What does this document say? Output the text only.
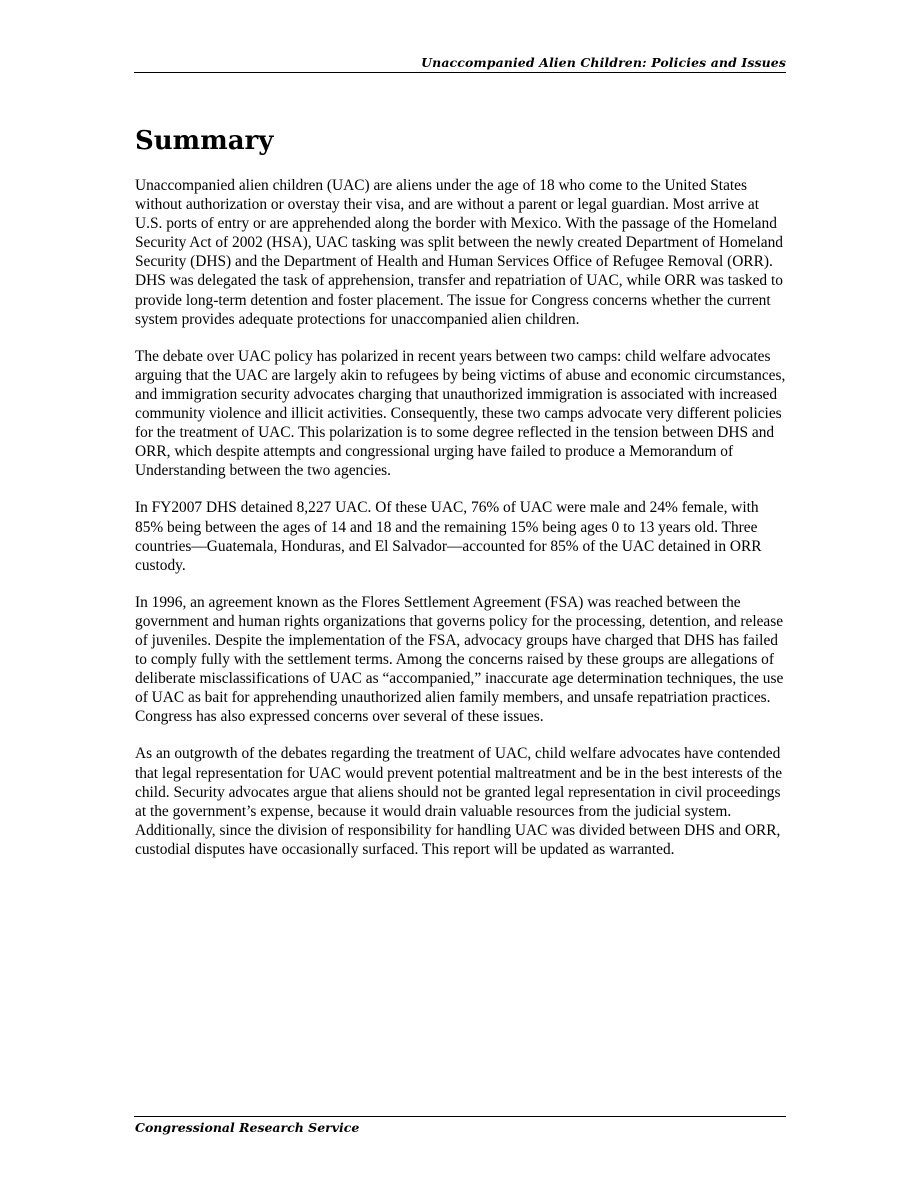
Unaccompanied Alien Children: Policies and Issues
Summary

Unaccompanied alien children (UAC) are aliens under the age of 18 who come to the United States without authorization or overstay their visa, and are without a parent or legal guardian. Most arrive at U.S. ports of entry or are apprehended along the border with Mexico. With the passage of the Homeland Security Act of 2002 (HSA), UAC tasking was split between the newly created Department of Homeland Security (DHS) and the Department of Health and Human Services Office of Refugee Removal (ORR). DHS was delegated the task of apprehension, transfer and repatriation of UAC, while ORR was tasked to provide long-term detention and foster placement. The issue for Congress concerns whether the current system provides adequate protections for unaccompanied alien children.

The debate over UAC policy has polarized in recent years between two camps: child welfare advocates arguing that the UAC are largely akin to refugees by being victims of abuse and economic circumstances, and immigration security advocates charging that unauthorized immigration is associated with increased community violence and illicit activities. Consequently, these two camps advocate very different policies for the treatment of UAC. This polarization is to some degree reflected in the tension between DHS and ORR, which despite attempts and congressional urging have failed to produce a Memorandum of Understanding between the two agencies.

In FY2007 DHS detained 8,227 UAC. Of these UAC, 76% of UAC were male and 24% female, with 85% being between the ages of 14 and 18 and the remaining 15% being ages 0 to 13 years old. Three countries—Guatemala, Honduras, and El Salvador—accounted for 85% of the UAC detained in ORR custody.

In 1996, an agreement known as the Flores Settlement Agreement (FSA) was reached between the government and human rights organizations that governs policy for the processing, detention, and release of juveniles. Despite the implementation of the FSA, advocacy groups have charged that DHS has failed to comply fully with the settlement terms. Among the concerns raised by these groups are allegations of deliberate misclassifications of UAC as “accompanied,” inaccurate age determination techniques, the use of UAC as bait for apprehending unauthorized alien family members, and unsafe repatriation practices. Congress has also expressed concerns over several of these issues.

As an outgrowth of the debates regarding the treatment of UAC, child welfare advocates have contended that legal representation for UAC would prevent potential maltreatment and be in the best interests of the child. Security advocates argue that aliens should not be granted legal representation in civil proceedings at the government’s expense, because it would drain valuable resources from the judicial system. Additionally, since the division of responsibility for handling UAC was divided between DHS and ORR, custodial disputes have occasionally surfaced. This report will be updated as warranted.

Congressional Research Service
